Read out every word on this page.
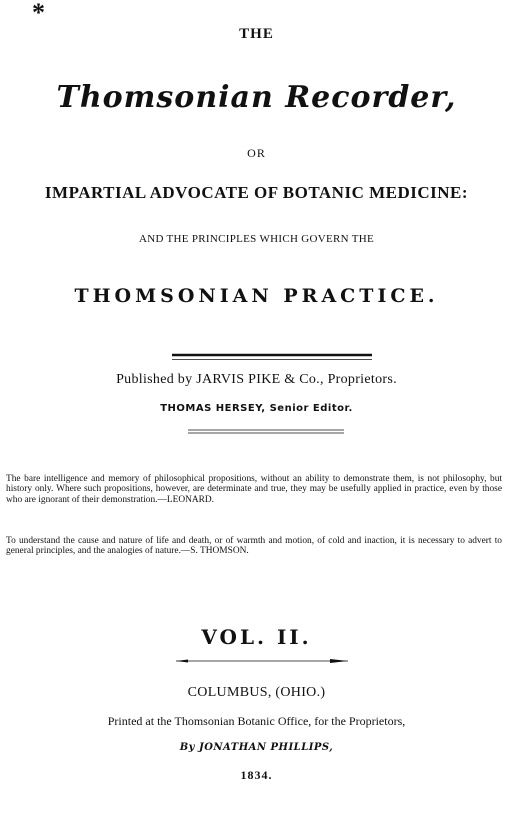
*
THE
Thomsonian Recorder,
OR
IMPARTIAL ADVOCATE OF BOTANIC MEDICINE:
AND THE PRINCIPLES WHICH GOVERN THE
THOMSONIAN PRACTICE.
Published by JARVIS PIKE & Co., Proprietors.
THOMAS HERSEY, Senior Editor.
The bare intelligence and memory of philosophical propositions, without an ability to demonstrate them, is not philosophy, but history only. Where such propositions, however, are determinate and true, they may be usefully applied in practice, even by those who are ignorant of their demonstration.—LEONARD.
To understand the cause and nature of life and death, or of warmth and motion, of cold and inaction, it is necessary to advert to general principles, and the analogies of nature.—S. THOMSON.
VOL. II.
COLUMBUS, (OHIO.)
Printed at the Thomsonian Botanic Office, for the Proprietors,
By JONATHAN PHILLIPS,
1834.
